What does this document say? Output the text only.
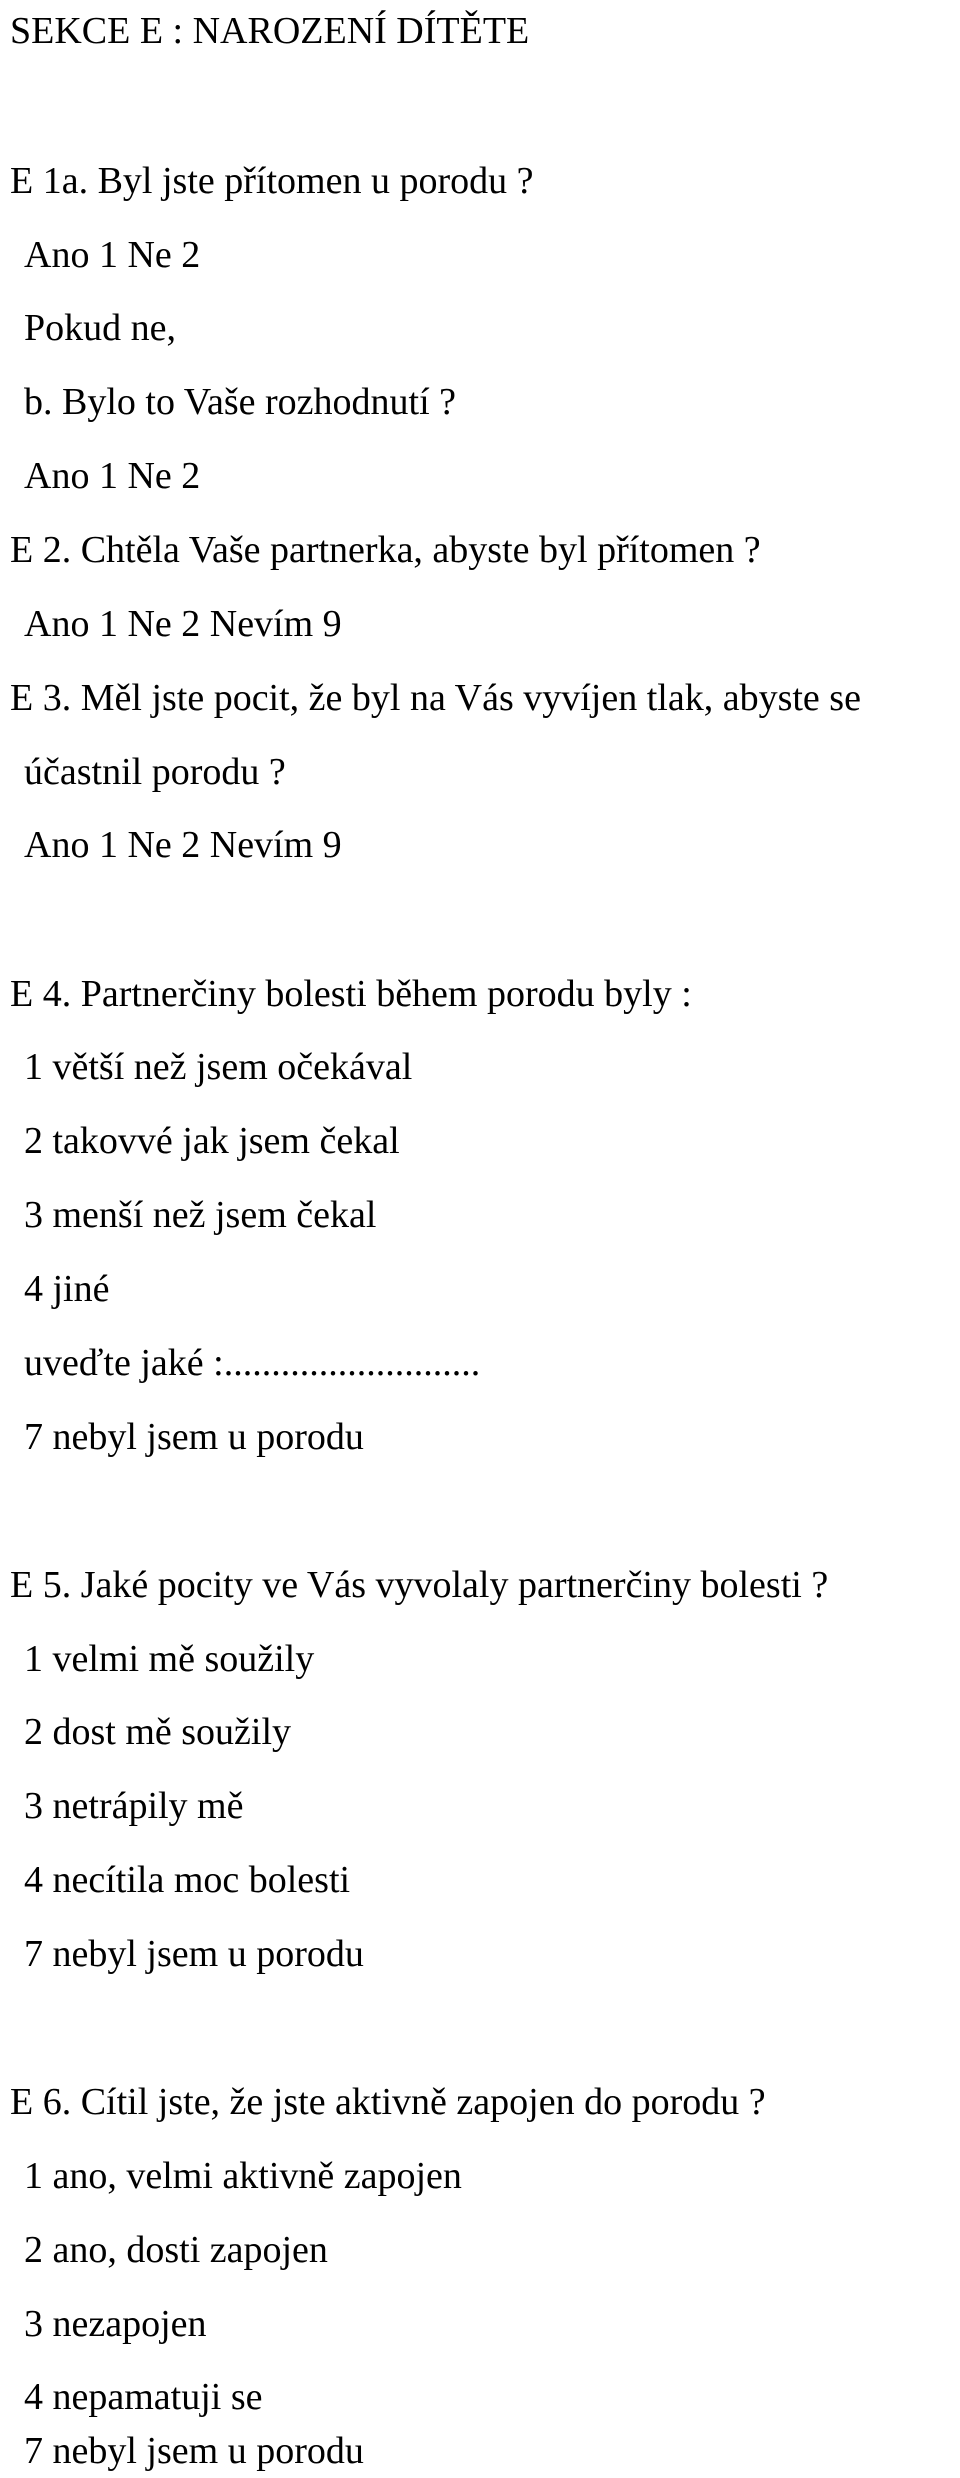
SEKCE E : NAROZENÍ DÍTĚTE
E 1a. Byl jste přítomen u porodu ?
Ano 1 Ne 2
Pokud ne,
b. Bylo to Vaše rozhodnutí ?
Ano 1 Ne 2
E 2. Chtěla Vaše partnerka, abyste byl přítomen ?
Ano 1 Ne 2 Nevím 9
E 3. Měl jste pocit, že byl na Vás vyvíjen tlak, abyste se
účastnil porodu ?
Ano 1 Ne 2 Nevím 9
E 4. Partnerčiny bolesti během porodu byly :
1 větší než jsem očekával
2 takovvé jak jsem čekal
3 menší než jsem čekal
4 jiné
uveďte jaké :...........................
7 nebyl jsem u porodu
E 5. Jaké pocity ve Vás vyvolaly partnerčiny bolesti ?
1 velmi mě soužily
2 dost mě soužily
3 netrápily mě
4 necítila moc bolesti
7 nebyl jsem u porodu
E 6. Cítil jste, že jste aktivně zapojen do porodu ?
1 ano, velmi aktivně zapojen
2 ano, dosti zapojen
3 nezapojen
4 nepamatuji se
7 nebyl jsem u porodu
